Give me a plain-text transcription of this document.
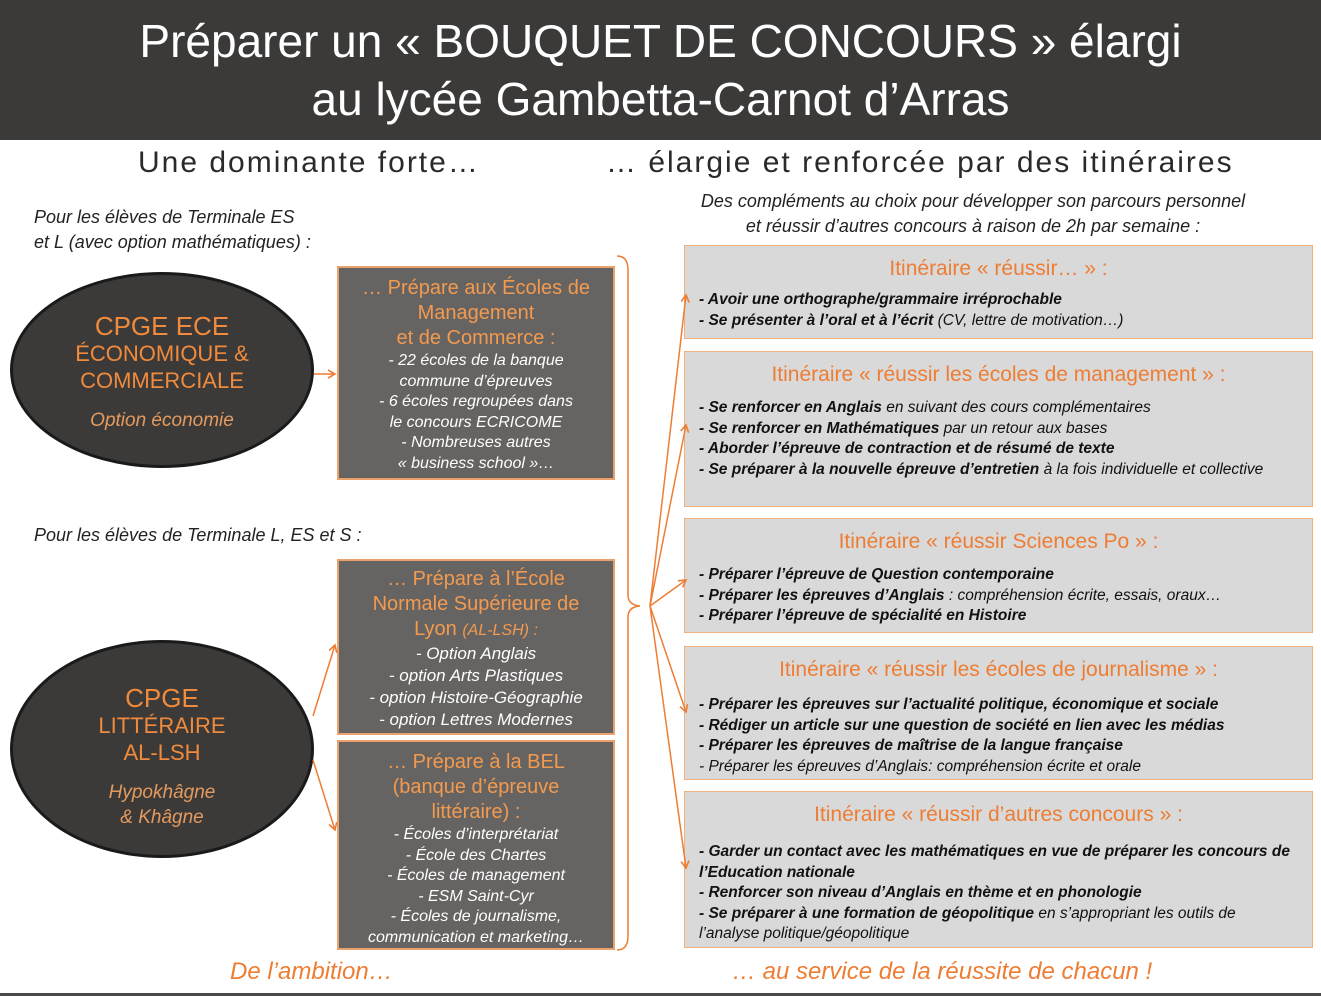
Préparer un « BOUQUET DE CONCOURS » élargi
au lycée Gambetta-Carnot d’Arras
Une dominante forte…	… élargie et renforcée par des itinéraires
Des compléments au choix pour développer son parcours personnel
et réussir d’autres concours à raison de 2h par semaine :
Pour les élèves de Terminale ES
et L (avec option mathématiques) :
CPGE ECE
ÉCONOMIQUE &
COMMERCIALE
Option économie
… Prépare aux Écoles de
Management
et de Commerce :
- 22 écoles de la banque
commune d’épreuves
- 6 écoles regroupées dans
le concours ECRICOME
- Nombreuses autres
« business school »…
Pour les élèves de Terminale L, ES et S :
CPGE
LITTÉRAIRE
AL-LSH
Hypokhâgne
& Khâgne
… Prépare à l’École
Normale Supérieure de
Lyon (AL-LSH) :
- Option Anglais
- option Arts Plastiques
- option Histoire-Géographie
- option Lettres Modernes
… Prépare à la BEL
(banque d’épreuve
littéraire) :
- Écoles d’interprétariat
- École des Chartes
- Écoles de management
- ESM Saint-Cyr
- Écoles de journalisme,
communication et marketing…
Itinéraire « réussir… » :
- Avoir une orthographe/grammaire irréprochable
- Se présenter à l’oral et à l’écrit (CV, lettre de motivation…)
Itinéraire « réussir les écoles de management » :
- Se renforcer en Anglais en suivant des cours complémentaires
- Se renforcer en Mathématiques par un retour aux bases
- Aborder l’épreuve de contraction et de résumé de texte
- Se préparer à la nouvelle épreuve d’entretien à la fois individuelle et collective
Itinéraire « réussir Sciences Po » :
- Préparer l’épreuve de Question contemporaine
- Préparer les épreuves d’Anglais : compréhension écrite, essais, oraux…
- Préparer l’épreuve de spécialité en Histoire
Itinéraire « réussir les écoles de journalisme » :
- Préparer les épreuves sur l’actualité politique, économique et sociale
- Rédiger un article sur une question de société en lien avec les médias
- Préparer les épreuves de maîtrise de la langue française
- Préparer les épreuves d’Anglais: compréhension écrite et orale
Itinéraire « réussir d’autres concours » :
- Garder un contact avec les mathématiques en vue de préparer les concours de l’Education nationale
- Renforcer son niveau d’Anglais en thème et en phonologie
- Se préparer à une formation de géopolitique en s’appropriant les outils de l’analyse politique/géopolitique
De l’ambition…	… au service de la réussite de chacun !
